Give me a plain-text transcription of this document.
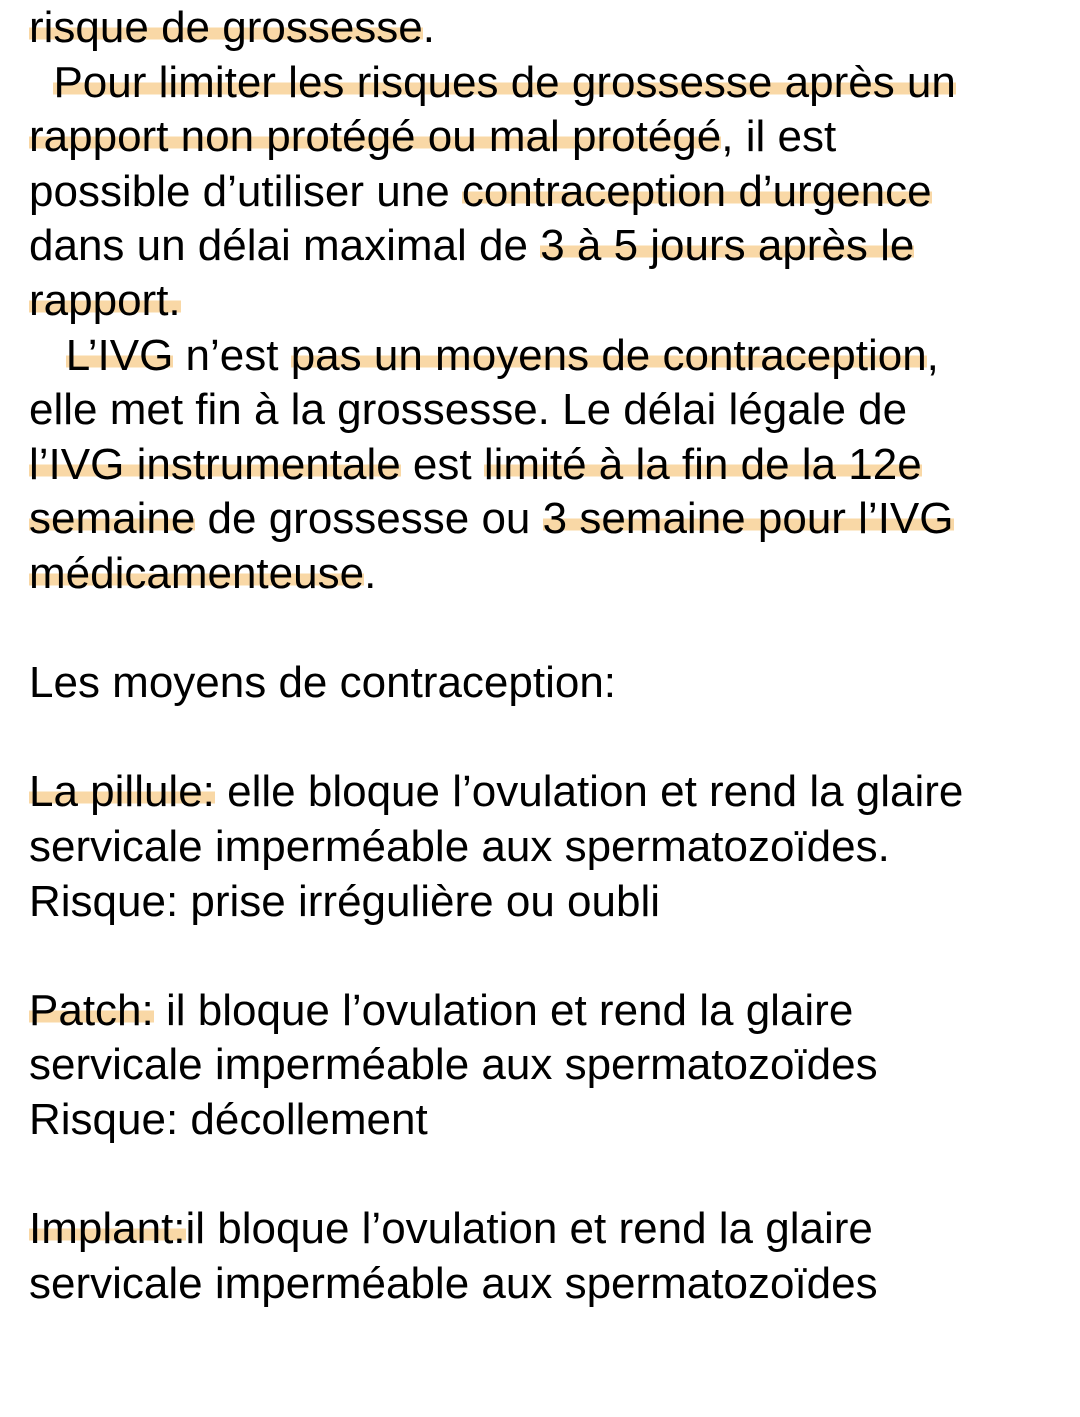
risque de grossesse.
Pour limiter les risques de grossesse après un
rapport non protégé ou mal protégé, il est
possible d’utiliser une contraception d’urgence
dans un délai maximal de 3 à 5 jours après le
rapport.
L’IVG n’est pas un moyens de contraception,
elle met fin à la grossesse. Le délai légale de
l’IVG instrumentale est limité à la fin de la 12e
semaine de grossesse ou 3 semaine pour l’IVG
médicamenteuse.
Les moyens de contraception:
La pillule: elle bloque l’ovulation et rend la glaire
servicale imperméable aux spermatozoïdes.
Risque: prise irrégulière ou oubli
Patch: il bloque l’ovulation et rend la glaire
servicale imperméable aux spermatozoïdes
Risque: décollement
Implant:il bloque l’ovulation et rend la glaire
servicale imperméable aux spermatozoïdes
